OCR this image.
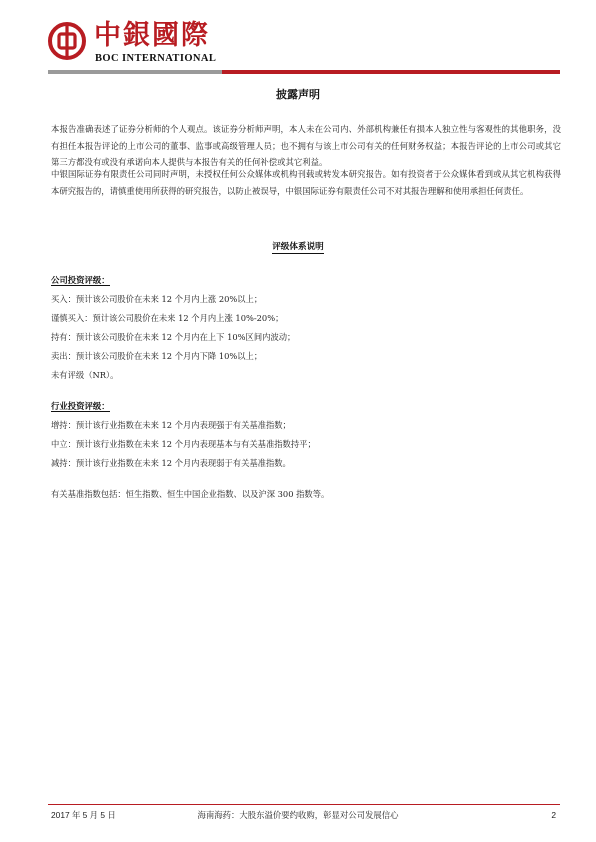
中銀國際
BOC INTERNATIONAL
披露声明
本报告准确表述了证券分析师的个人观点。该证券分析师声明，本人未在公司内、外部机构兼任有损本人独立性与客观性的其他职务，没有担任本报告评论的上市公司的董事、监事或高级管理人员；也不拥有与该上市公司有关的任何财务权益；本报告评论的上市公司或其它第三方都没有或没有承诺向本人提供与本报告有关的任何补偿或其它利益。
中银国际证券有限责任公司同时声明，未授权任何公众媒体或机构刊载或转发本研究报告。如有投资者于公众媒体看到或从其它机构获得本研究报告的，请慎重使用所获得的研究报告，以防止被误导，中银国际证券有限责任公司不对其报告理解和使用承担任何责任。
评级体系说明
公司投资评级：
买入：预计该公司股价在未来 12 个月内上涨 20%以上；
谨慎买入：预计该公司股价在未来 12 个月内上涨 10%-20%；
持有：预计该公司股价在未来 12 个月内在上下 10%区间内波动；
卖出：预计该公司股价在未来 12 个月内下降 10%以上；
未有评级（NR）。
行业投资评级：
增持：预计该行业指数在未来 12 个月内表现强于有关基准指数；
中立：预计该行业指数在未来 12 个月内表现基本与有关基准指数持平；
减持：预计该行业指数在未来 12 个月内表现弱于有关基准指数。
有关基准指数包括：恒生指数、恒生中国企业指数、以及沪深 300 指数等。
2017 年 5 月 5 日	海南海药：大股东溢价要约收购，彰显对公司发展信心	2
